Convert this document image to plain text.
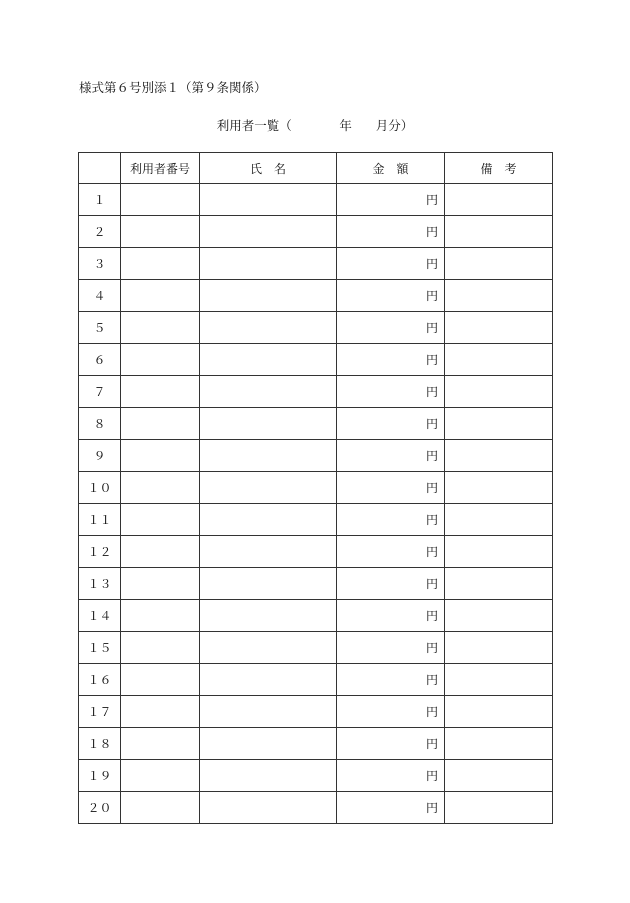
様式第６号別添１（第９条関係）
利用者一覧（	年 月分）
	利用者番号	氏　名	金　額	備　考
１			円	
２			円	
３			円	
４			円	
５			円	
６			円	
７			円	
８			円	
９			円	
１０			円	
１１			円	
１２			円	
１３			円	
１４			円	
１５			円	
１６			円	
１７			円	
１８			円	
１９			円	
２０			円	
